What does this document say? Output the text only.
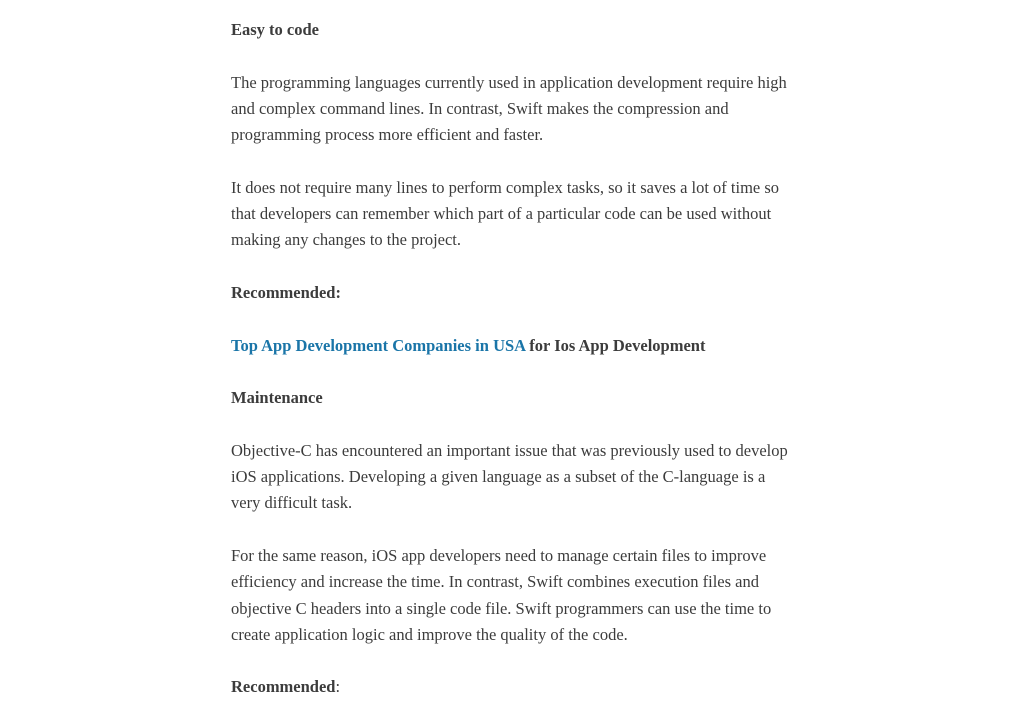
Easy to code

The programming languages currently used in application development require high and complex command lines. In contrast, Swift makes the compression and programming process more efficient and faster.

It does not require many lines to perform complex tasks, so it saves a lot of time so that developers can remember which part of a particular code can be used without making any changes to the project.

Recommended:

Top App Development Companies in USA for Ios App Development

Maintenance

Objective-C has encountered an important issue that was previously used to develop iOS applications. Developing a given language as a subset of the C-language is a very difficult task.

For the same reason, iOS app developers need to manage certain files to improve efficiency and increase the time. In contrast, Swift combines execution files and objective C headers into a single code file. Swift programmers can use the time to create application logic and improve the quality of the code.

Recommended:
